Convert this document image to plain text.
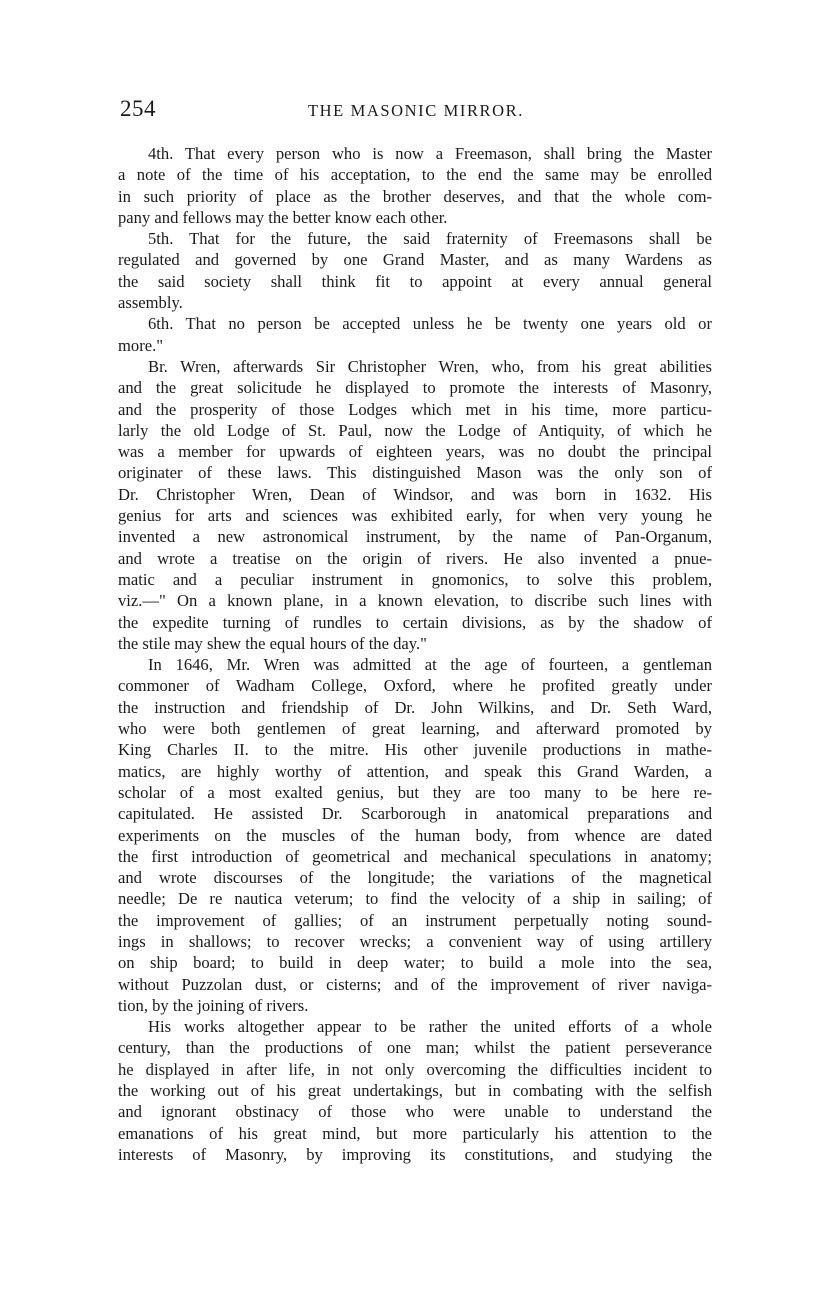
254	THE MASONIC MIRROR.
4th. That every person who is now a Freemason, shall bring the Master
a note of the time of his acceptation, to the end the same may be enrolled
in such priority of place as the brother deserves, and that the whole com-
pany and fellows may the better know each other.
5th. That for the future, the said fraternity of Freemasons shall be
regulated and governed by one Grand Master, and as many Wardens as
the said society shall think fit to appoint at every annual general
assembly.
6th. That no person be accepted unless he be twenty one years old or
more."
Br. Wren, afterwards Sir Christopher Wren, who, from his great abilities
and the great solicitude he displayed to promote the interests of Masonry,
and the prosperity of those Lodges which met in his time, more particu-
larly the old Lodge of St. Paul, now the Lodge of Antiquity, of which he
was a member for upwards of eighteen years, was no doubt the principal
originater of these laws. This distinguished Mason was the only son of
Dr. Christopher Wren, Dean of Windsor, and was born in 1632. His
genius for arts and sciences was exhibited early, for when very young he
invented a new astronomical instrument, by the name of Pan-Organum,
and wrote a treatise on the origin of rivers. He also invented a pnue-
matic and a peculiar instrument in gnomonics, to solve this problem,
viz.—" On a known plane, in a known elevation, to discribe such lines with
the expedite turning of rundles to certain divisions, as by the shadow of
the stile may shew the equal hours of the day."
In 1646, Mr. Wren was admitted at the age of fourteen, a gentleman
commoner of Wadham College, Oxford, where he profited greatly under
the instruction and friendship of Dr. John Wilkins, and Dr. Seth Ward,
who were both gentlemen of great learning, and afterward promoted by
King Charles II. to the mitre. His other juvenile productions in mathe-
matics, are highly worthy of attention, and speak this Grand Warden, a
scholar of a most exalted genius, but they are too many to be here re-
capitulated. He assisted Dr. Scarborough in anatomical preparations and
experiments on the muscles of the human body, from whence are dated
the first introduction of geometrical and mechanical speculations in anatomy;
and wrote discourses of the longitude; the variations of the magnetical
needle; De re nautica veterum; to find the velocity of a ship in sailing; of
the improvement of gallies; of an instrument perpetually noting sound-
ings in shallows; to recover wrecks; a convenient way of using artillery
on ship board; to build in deep water; to build a mole into the sea,
without Puzzolan dust, or cisterns; and of the improvement of river naviga-
tion, by the joining of rivers.
His works altogether appear to be rather the united efforts of a whole
century, than the productions of one man; whilst the patient perseverance
he displayed in after life, in not only overcoming the difficulties incident to
the working out of his great undertakings, but in combating with the selfish
and ignorant obstinacy of those who were unable to understand the
emanations of his great mind, but more particularly his attention to the
interests of Masonry, by improving its constitutions, and studying the
